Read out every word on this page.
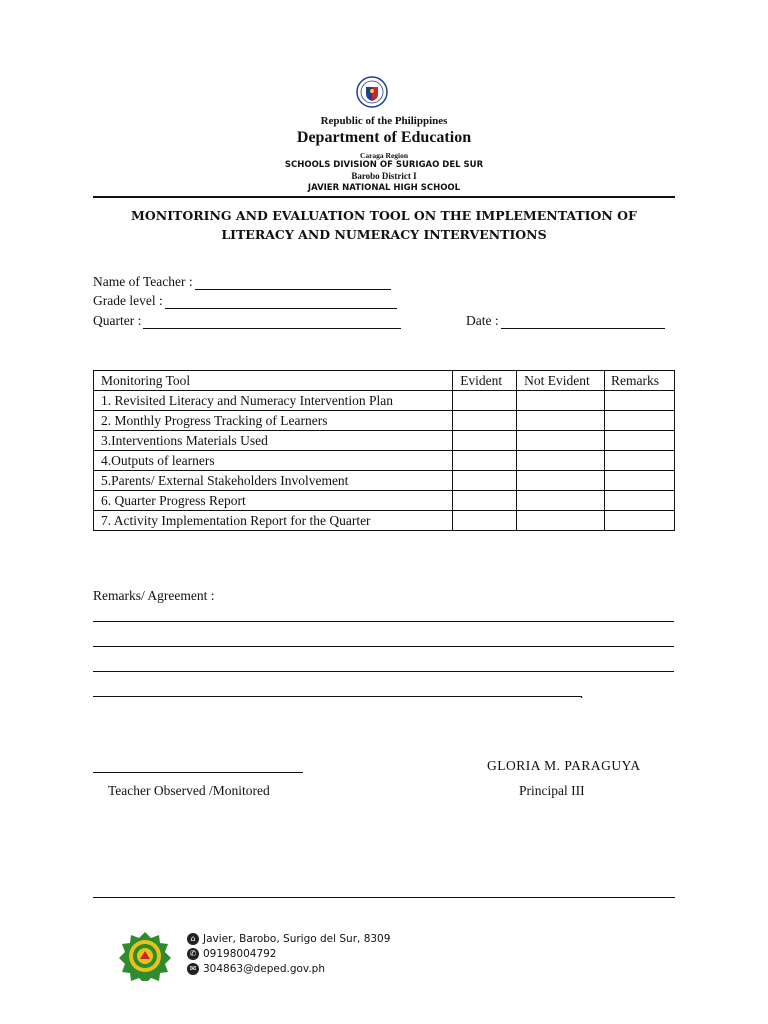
Republic of the Philippines
Department of Education
Caraga Region
SCHOOLS DIVISION OF SURIGAO DEL SUR
Barobo District I
JAVIER NATIONAL HIGH SCHOOL
MONITORING AND EVALUATION TOOL ON THE IMPLEMENTATION OF
LITERACY AND NUMERACY INTERVENTIONS
Name of Teacher :
Grade level :
Quarter :	Date :
Monitoring Tool	Evident	Not Evident	Remarks
1. Revisited Literacy and Numeracy Intervention Plan			
2. Monthly Progress Tracking of Learners			
3.Interventions Materials Used			
4.Outputs of learners			
5.Parents/ External Stakeholders Involvement			
6. Quarter Progress Report			
7. Activity Implementation Report for the Quarter			
Remarks/ Agreement :
.
Teacher Observed /Monitored
GLORIA M. PARAGUYA
Principal III
⌂ Javier, Barobo, Surigo del Sur, 8309
✆ 09198004792
✉ 304863@deped.gov.ph
